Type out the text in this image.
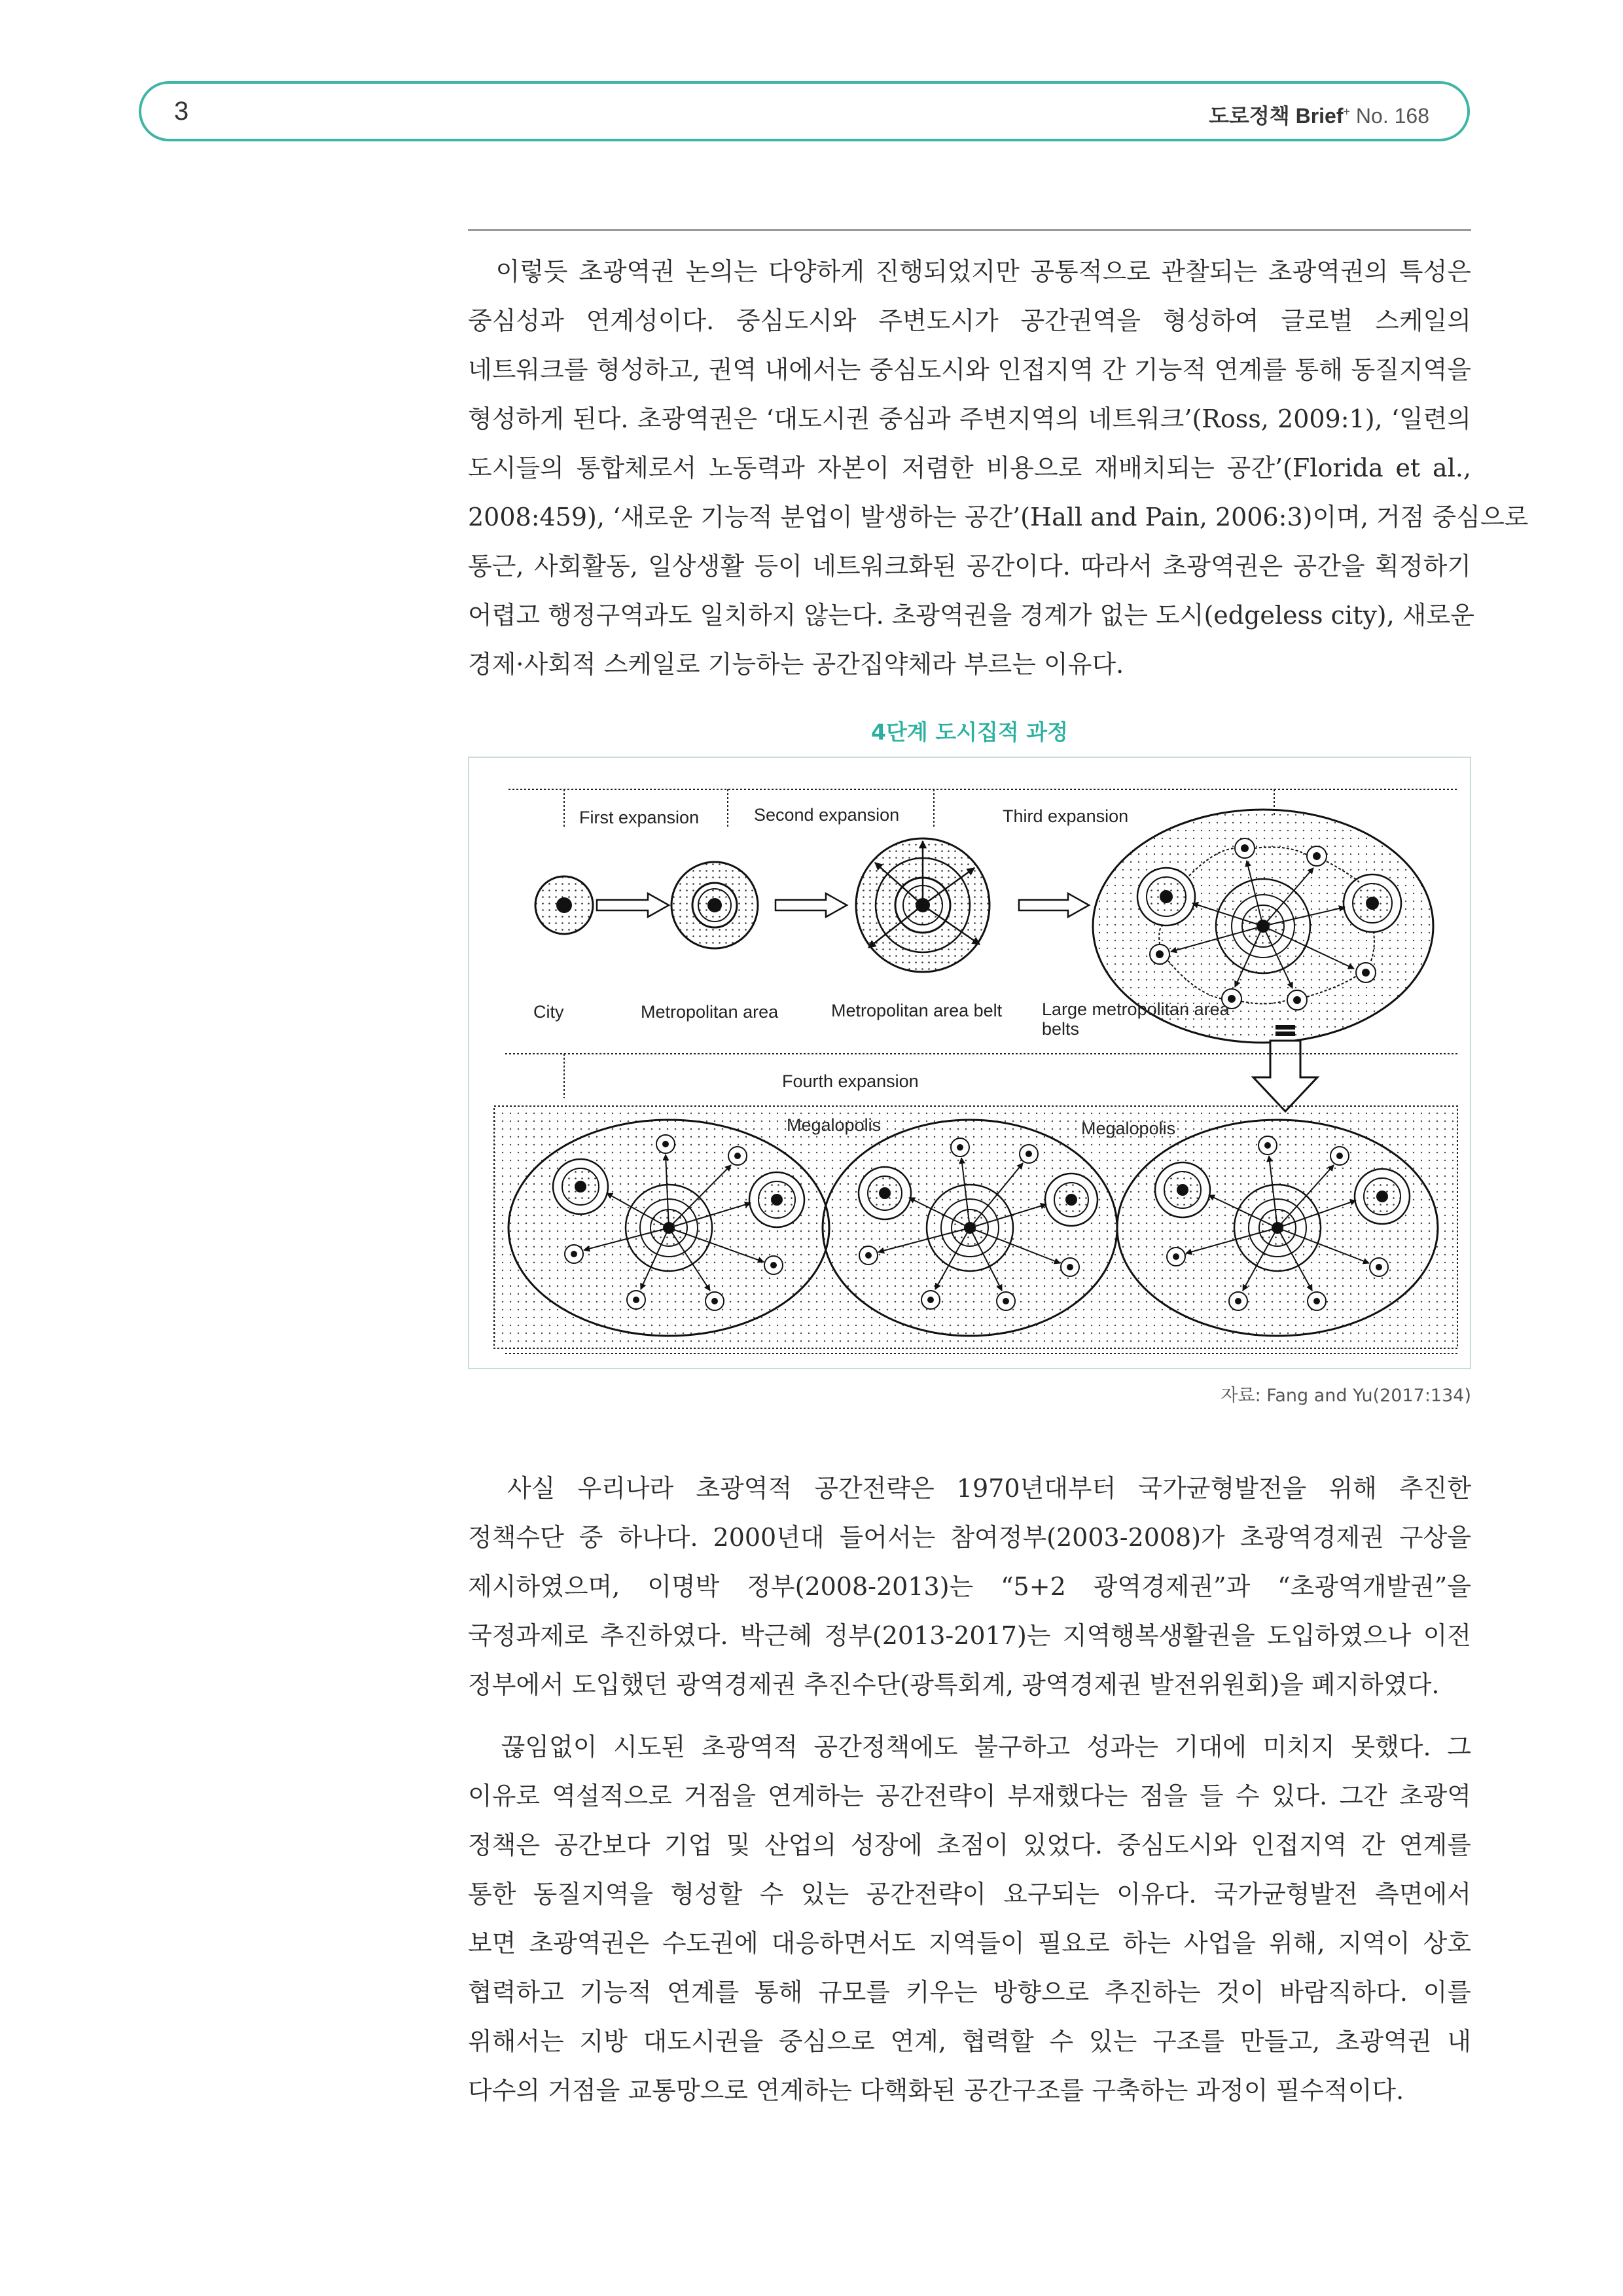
3	도로정책 Brief+ No. 168
　이렇듯 초광역권 논의는 다양하게 진행되었지만 공통적으로 관찰되는 초광역권의 특성은
중심성과 연계성이다. 중심도시와 주변도시가 공간권역을 형성하여 글로벌 스케일의
네트워크를 형성하고, 권역 내에서는 중심도시와 인접지역 간 기능적 연계를 통해 동질지역을
형성하게 된다. 초광역권은 ‘대도시권 중심과 주변지역의 네트워크’(Ross, 2009:1), ‘일련의
도시들의 통합체로서 노동력과 자본이 저렴한 비용으로 재배치되는 공간’(Florida et al.,
2008:459), ‘새로운 기능적 분업이 발생하는 공간’(Hall and Pain, 2006:3)이며, 거점 중심으로
통근, 사회활동, 일상생활 등이 네트워크화된 공간이다. 따라서 초광역권은 공간을 획정하기
어렵고 행정구역과도 일치하지 않는다. 초광역권을 경계가 없는 도시(edgeless city), 새로운
경제·사회적 스케일로 기능하는 공간집약체라 부르는 이유다.
4단계 도시집적 과정
First expansion	Second expansion	Third expansion
City	Metropolitan area	Metropolitan area belt Large metropolitan area
belts
Fourth expansion
Megalopolis	Megalopolis
자료: Fang and Yu(2017:134)
　사실 우리나라 초광역적 공간전략은 1970년대부터 국가균형발전을 위해 추진한
정책수단 중 하나다. 2000년대 들어서는 참여정부(2003-2008)가 초광역경제권 구상을
제시하였으며, 이명박 정부(2008-2013)는 “5+2 광역경제권”과 “초광역개발권”을
국정과제로 추진하였다. 박근혜 정부(2013-2017)는 지역행복생활권을 도입하였으나 이전
정부에서 도입했던 광역경제권 추진수단(광특회계, 광역경제권 발전위원회)을 폐지하였다.
　끊임없이 시도된 초광역적 공간정책에도 불구하고 성과는 기대에 미치지 못했다. 그
이유로 역설적으로 거점을 연계하는 공간전략이 부재했다는 점을 들 수 있다. 그간 초광역
정책은 공간보다 기업 및 산업의 성장에 초점이 있었다. 중심도시와 인접지역 간 연계를
통한 동질지역을 형성할 수 있는 공간전략이 요구되는 이유다. 국가균형발전 측면에서
보면 초광역권은 수도권에 대응하면서도 지역들이 필요로 하는 사업을 위해, 지역이 상호
협력하고 기능적 연계를 통해 규모를 키우는 방향으로 추진하는 것이 바람직하다. 이를
위해서는 지방 대도시권을 중심으로 연계, 협력할 수 있는 구조를 만들고, 초광역권 내
다수의 거점을 교통망으로 연계하는 다핵화된 공간구조를 구축하는 과정이 필수적이다.
